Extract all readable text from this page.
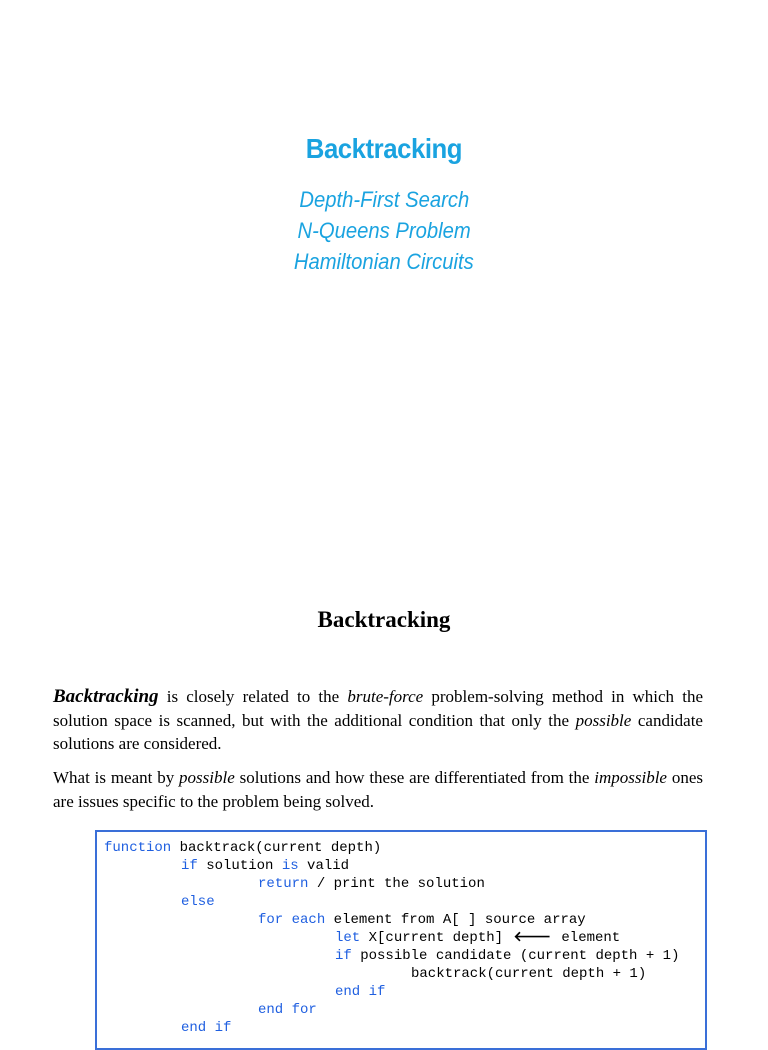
Backtracking
Depth-First Search
N-Queens Problem
Hamiltonian Circuits
Backtracking

Backtracking is closely related to the brute-force problem-solving method in which the solution space is scanned, but with the additional condition that only the possible candidate solutions are considered.

What is meant by possible solutions and how these are differentiated from the impossible ones are issues specific to the problem being solved.

function backtrack(current depth)
if solution is valid
return / print the solution
else
for each element from A[ ] source array
let X[current depth] 🡐 element
if possible candidate (current depth + 1)
backtrack(current depth + 1)
end if
end for
end if
